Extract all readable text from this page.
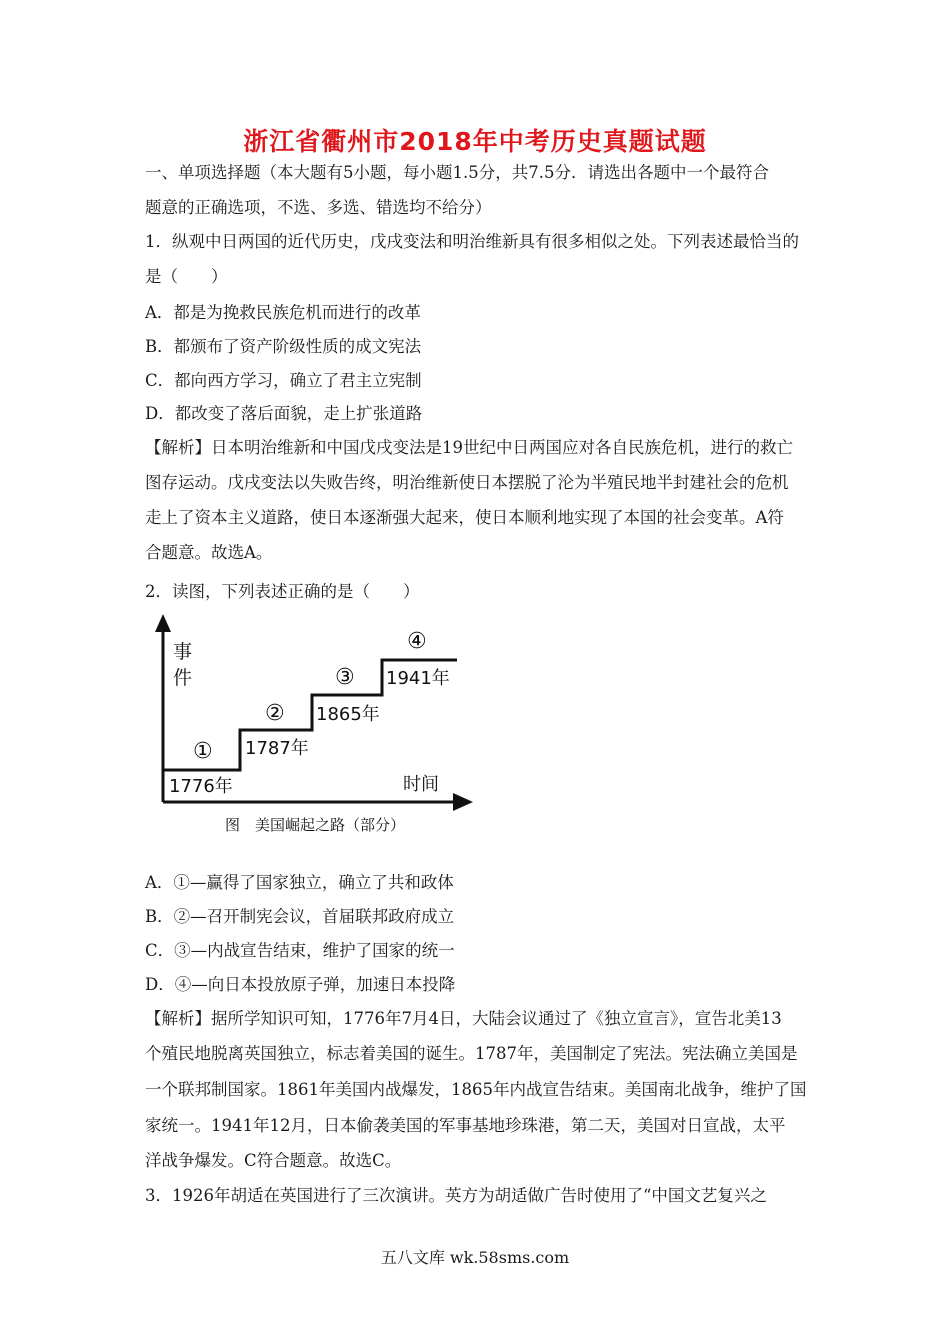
浙江省衢州市2018年中考历史真题试题
一、单项选择题（本大题有5小题，每小题1.5分，共7.5分．请选出各题中一个最符合
题意的正确选项，不选、多选、错选均不给分）
1．纵观中日两国的近代历史，戊戌变法和明治维新具有很多相似之处。下列表述最恰当的
是（　　）
A．都是为挽救民族危机而进行的改革
B．都颁布了资产阶级性质的成文宪法
C．都向西方学习，确立了君主立宪制
D．都改变了落后面貌，走上扩张道路
【解析】日本明治维新和中国戊戌变法是19世纪中日两国应对各自民族危机，进行的救亡
图存运动。戊戌变法以失败告终，明治维新使日本摆脱了沦为半殖民地半封建社会的危机
走上了资本主义道路，使日本逐渐强大起来，使日本顺利地实现了本国的社会变革。A符
合题意。故选A。
2．读图，下列表述正确的是（　　）
事
件
时间
①
1776年
②
1787年
③
1865年
④
1941年
图　美国崛起之路（部分）
A．①—赢得了国家独立，确立了共和政体
B．②—召开制宪会议，首届联邦政府成立
C．③—内战宣告结束，维护了国家的统一
D．④—向日本投放原子弹，加速日本投降
【解析】据所学知识可知，1776年7月4日，大陆会议通过了《独立宣言》，宣告北美13
个殖民地脱离英国独立，标志着美国的诞生。1787年，美国制定了宪法。宪法确立美国是
一个联邦制国家。1861年美国内战爆发，1865年内战宣告结束。美国南北战争，维护了国
家统一。1941年12月，日本偷袭美国的军事基地珍珠港，第二天，美国对日宣战，太平
洋战争爆发。C符合题意。故选C。
3．1926年胡适在英国进行了三次演讲。英方为胡适做广告时使用了“中国文艺复兴之
五八文库 wk.58sms.com
